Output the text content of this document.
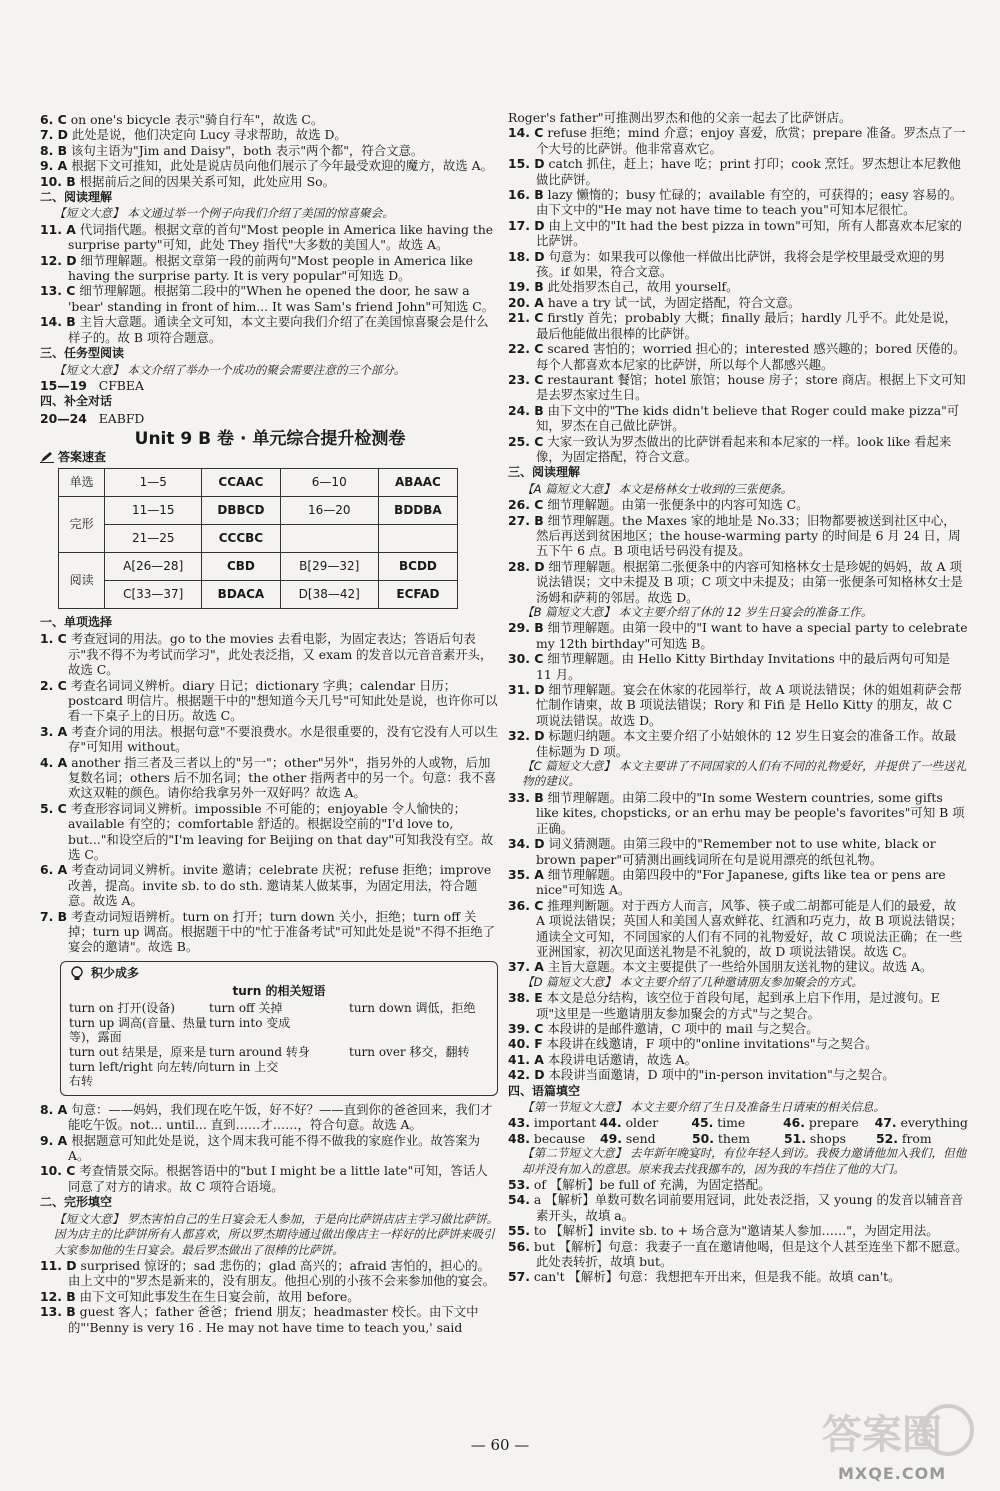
6. C on one's bicycle 表示"骑自行车"，故选 C。
7. D 此处是说，他们决定向 Lucy 寻求帮助，故选 D。
8. B 该句主语为"Jim and Daisy"，both 表示"两个都"，符合文意。
9. A 根据下文可推知，此处是说店员向他们展示了今年最受欢迎的魔方，故选 A。
10. B 根据前后之间的因果关系可知，此处应用 So。
二、阅读理解
【短文大意】 本文通过举一个例子向我们介绍了美国的惊喜聚会。
11. A 代词指代题。根据文章的首句"Most people in America like having the surprise party"可知，此处 They 指代"大多数的美国人"。故选 A。
12. D 细节理解题。根据文章第一段的前两句"Most people in America like having the surprise party. It is very popular"可知选 D。
13. C 细节理解题。根据第二段中的"When he opened the door, he saw a 'bear' standing in front of him... It was Sam's friend John"可知选 C。
14. B 主旨大意题。通读全文可知，本文主要向我们介绍了在美国惊喜聚会是什么样子的。故 B 项符合题意。
三、任务型阅读
【短文大意】 本文介绍了举办一个成功的聚会需要注意的三个部分。
15—19 CFBEA
四、补全对话
20—24 EABFD
Unit 9 B 卷 · 单元综合提升检测卷
答案速查
单选	1—5	CCAAC	6—10	ABAAC
完形	11—15	DBBCD	16—20	BDDBA
	21—25	CCCBC		
阅读	A[26—28]	CBD	B[29—32]	BCDD
	C[33—37]	BDACA	D[38—42]	ECFAD
一、单项选择
1. C 考查冠词的用法。go to the movies 去看电影，为固定表达；答语后句表示"我不得不为考试而学习"，此处表泛指，又 exam 的发音以元音音素开头，故选 C。
2. C 考查名词词义辨析。diary 日记；dictionary 字典；calendar 日历；postcard 明信片。根据题干中的"想知道今天几号"可知此处是说，也许你可以看一下桌子上的日历。故选 C。
3. A 考查介词的用法。根据句意"不要浪费水。水是很重要的，没有它没有人可以生存"可知用 without。
4. A another 指三者及三者以上的"另一"；other"另外"，指另外的人或物，后加复数名词；others 后不加名词；the other 指两者中的另一个。句意：我不喜欢这双鞋的颜色。请你给我拿另外一双好吗？故选 A。
5. C 考查形容词词义辨析。impossible 不可能的；enjoyable 令人愉快的；available 有空的；comfortable 舒适的。根据设空前的"I'd love to, but..."和设空后的"I'm leaving for Beijing on that day"可知我没有空。故选 C。
6. A 考查动词词义辨析。invite 邀请；celebrate 庆祝；refuse 拒绝；improve 改善，提高。invite sb. to do sth. 邀请某人做某事，为固定用法，符合题意。故选 A。
7. B 考查动词短语辨析。turn on 打开；turn down 关小，拒绝；turn off 关掉；turn up 调高。根据题干中的"忙于准备考试"可知此处是说"不得不拒绝了宴会的邀请"。故选 B。
积少成多
turn 的相关短语
turn on 打开(设备)	turn off 关掉	turn down 调低，拒绝
turn up 调高(音量、热量等)，露面
turn into 变成
turn out 结果是，原来是 turn around 转身	turn over 移交，翻转
turn left/right 向左转/向右转
turn in 上交
8. A 句意：——妈妈，我们现在吃午饭，好不好？——直到你的爸爸回来，我们才能吃午饭。not... until... 直到……才……，符合句意。故选 A。
9. A 根据题意可知此处是说，这个周末我可能不得不做我的家庭作业。故答案为 A。
10. C 考查情景交际。根据答语中的"but I might be a little late"可知，答话人同意了对方的请求。故 C 项符合语境。
二、完形填空
【短文大意】 罗杰害怕自己的生日宴会无人参加，于是向比萨饼店店主学习做比萨饼。因为店主的比萨饼所有人都喜欢，所以罗杰期待通过做出像店主一样好的比萨饼来吸引大家参加他的生日宴会。最后罗杰做出了很棒的比萨饼。
11. D surprised 惊讶的；sad 悲伤的；glad 高兴的；afraid 害怕的，担心的。由上文中的"罗杰是新来的，没有朋友。他担心别的小孩不会来参加他的宴会。
12. B 由下文可知此事发生在生日宴会前，故用 before。
13. B guest 客人；father 爸爸；friend 朋友；headmaster 校长。由下文中的"'Benny is very 16 . He may not have time to teach you,' said
Roger's father"可推测出罗杰和他的父亲一起去了比萨饼店。
14. C refuse 拒绝；mind 介意；enjoy 喜爱，欣赏；prepare 准备。罗杰点了一个大号的比萨饼。他非常喜欢它。
15. D catch 抓住，赶上；have 吃；print 打印；cook 烹饪。罗杰想让本尼教他做比萨饼。
16. B lazy 懒惰的；busy 忙碌的；available 有空的，可获得的；easy 容易的。由下文中的"He may not have time to teach you"可知本尼很忙。
17. D 由上文中的"It had the best pizza in town"可知，所有人都喜欢本尼家的比萨饼。
18. D 句意为：如果我可以像他一样做出比萨饼，我将会是学校里最受欢迎的男孩。if 如果，符合文意。
19. B 此处指罗杰自己，故用 yourself。
20. A have a try 试一试，为固定搭配，符合文意。
21. C firstly 首先；probably 大概；finally 最后；hardly 几乎不。此处是说，最后他能做出很棒的比萨饼。
22. C scared 害怕的；worried 担心的；interested 感兴趣的；bored 厌倦的。每个人都喜欢本尼家的比萨饼，所以每个人都感兴趣。
23. C restaurant 餐馆；hotel 旅馆；house 房子；store 商店。根据上下文可知是去罗杰家过生日。
24. B 由下文中的"The kids didn't believe that Roger could make pizza"可知，罗杰在自己做比萨饼。
25. C 大家一致认为罗杰做出的比萨饼看起来和本尼家的一样。look like 看起来像，为固定搭配，符合文意。
三、阅读理解
【A 篇短文大意】 本文是格林女士收到的三张便条。
26. C 细节理解题。由第一张便条中的内容可知选 C。
27. B 细节理解题。the Maxes 家的地址是 No.33；旧物都要被送到社区中心，然后再送到贫困地区；the house-warming party 的时间是 6 月 24 日，周五下午 6 点。B 项电话号码没有提及。
28. D 细节理解题。根据第二张便条中的内容可知格林女士是珍妮的妈妈，故 A 项说法错误；文中未提及 B 项；C 项文中未提及；由第一张便条可知格林女士是汤姆和萨莉的邻居。故选 D。
【B 篇短文大意】 本文主要介绍了休的 12 岁生日宴会的准备工作。
29. B 细节理解题。由第一段中的"I want to have a special party to celebrate my 12th birthday"可知选 B。
30. C 细节理解题。由 Hello Kitty Birthday Invitations 中的最后两句可知是 11 月。
31. D 细节理解题。宴会在休家的花园举行，故 A 项说法错误；休的姐姐莉萨会帮忙制作请柬，故 B 项说法错误；Rory 和 Fifi 是 Hello Kitty 的朋友，故 C 项说法错误。故选 D。
32. D 标题归纳题。本文主要介绍了小姑娘休的 12 岁生日宴会的准备工作。故最佳标题为 D 项。
【C 篇短文大意】 本文主要讲了不同国家的人们有不同的礼物爱好，并提供了一些送礼物的建议。
33. B 细节理解题。由第二段中的"In some Western countries, some gifts like kites, chopsticks, or an erhu may be people's favorites"可知 B 项正确。
34. D 词义猜测题。由第三段中的"Remember not to use white, black or brown paper"可猜测出画线词所在句是说用漂亮的纸包礼物。
35. A 细节理解题。由第四段中的"For Japanese, gifts like tea or pens are nice"可知选 A。
36. C 推理判断题。对于西方人而言，风筝、筷子或二胡都可能是人们的最爱，故 A 项说法错误；英国人和美国人喜欢鲜花、红酒和巧克力，故 B 项说法错误；通读全文可知，不同国家的人们有不同的礼物爱好，故 C 项说法正确；在一些亚洲国家，初次见面送礼物是不礼貌的，故 D 项说法错误。故选 C。
37. A 主旨大意题。本文主要提供了一些给外国朋友送礼物的建议。故选 A。
【D 篇短文大意】 本文主要介绍了几种邀请朋友参加聚会的方式。
38. E 本文是总分结构，该空位于首段句尾，起到承上启下作用，是过渡句。E 项"这里是一些邀请朋友参加聚会的方式"与之契合。
39. C 本段讲的是邮件邀请，C 项中的 mail 与之契合。
40. F 本段讲在线邀请，F 项中的"online invitations"与之契合。
41. A 本段讲电话邀请，故选 A。
42. D 本段讲当面邀请，D 项中的"in-person invitation"与之契合。
四、语篇填空
【第一节短文大意】 本文主要介绍了生日及准备生日请柬的相关信息。
43. important 44. older	45. time	46. prepare	47. everything
48. because	49. send	50. them	51. shops	52. from
【第二节短文大意】 去年新年晚宴时，有位年轻人到访。我极力邀请他加入我们，但他却并没有加入的意思。原来我去找我挪车的，因为我的车挡住了他的大门。
53. of 【解析】be full of 充满，为固定搭配。
54. a 【解析】单数可数名词前要用冠词，此处表泛指，又 young 的发音以辅音音素开头，故填 a。
55. to 【解析】invite sb. to + 场合意为"邀请某人参加……"，为固定用法。
56. but 【解析】句意：我妻子一直在邀请他喝，但是这个人甚至连坐下都不愿意。此处表转折，故填 but。
57. can't 【解析】句意：我想把车开出来，但是我不能。故填 can't。
— 60 —	答案圈
MXQE.COM
